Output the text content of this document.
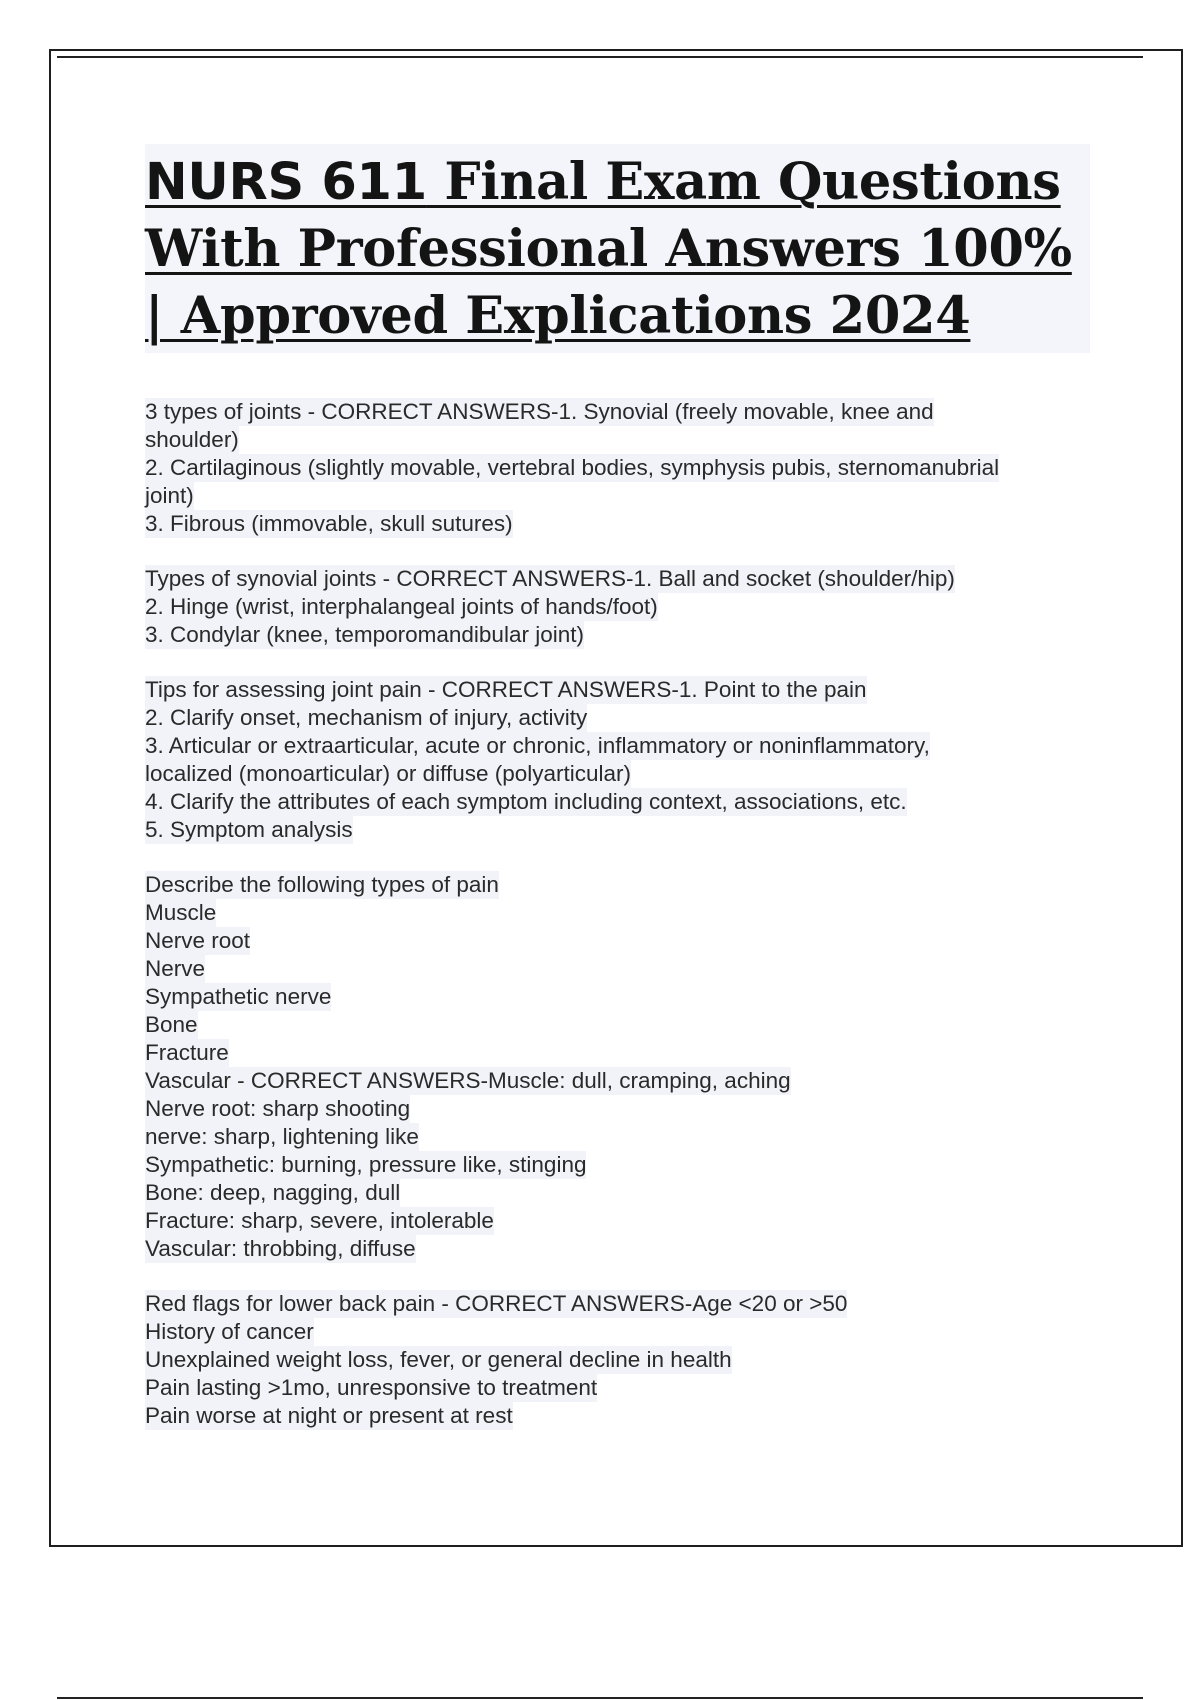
NURS 611 Final Exam Questions With Professional Answers 100% | Approved Explications 2024
3 types of joints - CORRECT ANSWERS-1. Synovial (freely movable, knee and
shoulder)
2. Cartilaginous (slightly movable, vertebral bodies, symphysis pubis, sternomanubrial
joint)
3. Fibrous (immovable, skull sutures)
Types of synovial joints - CORRECT ANSWERS-1. Ball and socket (shoulder/hip)
2. Hinge (wrist, interphalangeal joints of hands/foot)
3. Condylar (knee, temporomandibular joint)
Tips for assessing joint pain - CORRECT ANSWERS-1. Point to the pain
2. Clarify onset, mechanism of injury, activity
3. Articular or extraarticular, acute or chronic, inflammatory or noninflammatory,
localized (monoarticular) or diffuse (polyarticular)
4. Clarify the attributes of each symptom including context, associations, etc.
5. Symptom analysis
Describe the following types of pain
Muscle
Nerve root
Nerve
Sympathetic nerve
Bone
Fracture
Vascular - CORRECT ANSWERS-Muscle: dull, cramping, aching
Nerve root: sharp shooting
nerve: sharp, lightening like
Sympathetic: burning, pressure like, stinging
Bone: deep, nagging, dull
Fracture: sharp, severe, intolerable
Vascular: throbbing, diffuse
Red flags for lower back pain - CORRECT ANSWERS-Age <20 or >50
History of cancer
Unexplained weight loss, fever, or general decline in health
Pain lasting >1mo, unresponsive to treatment
Pain worse at night or present at rest
